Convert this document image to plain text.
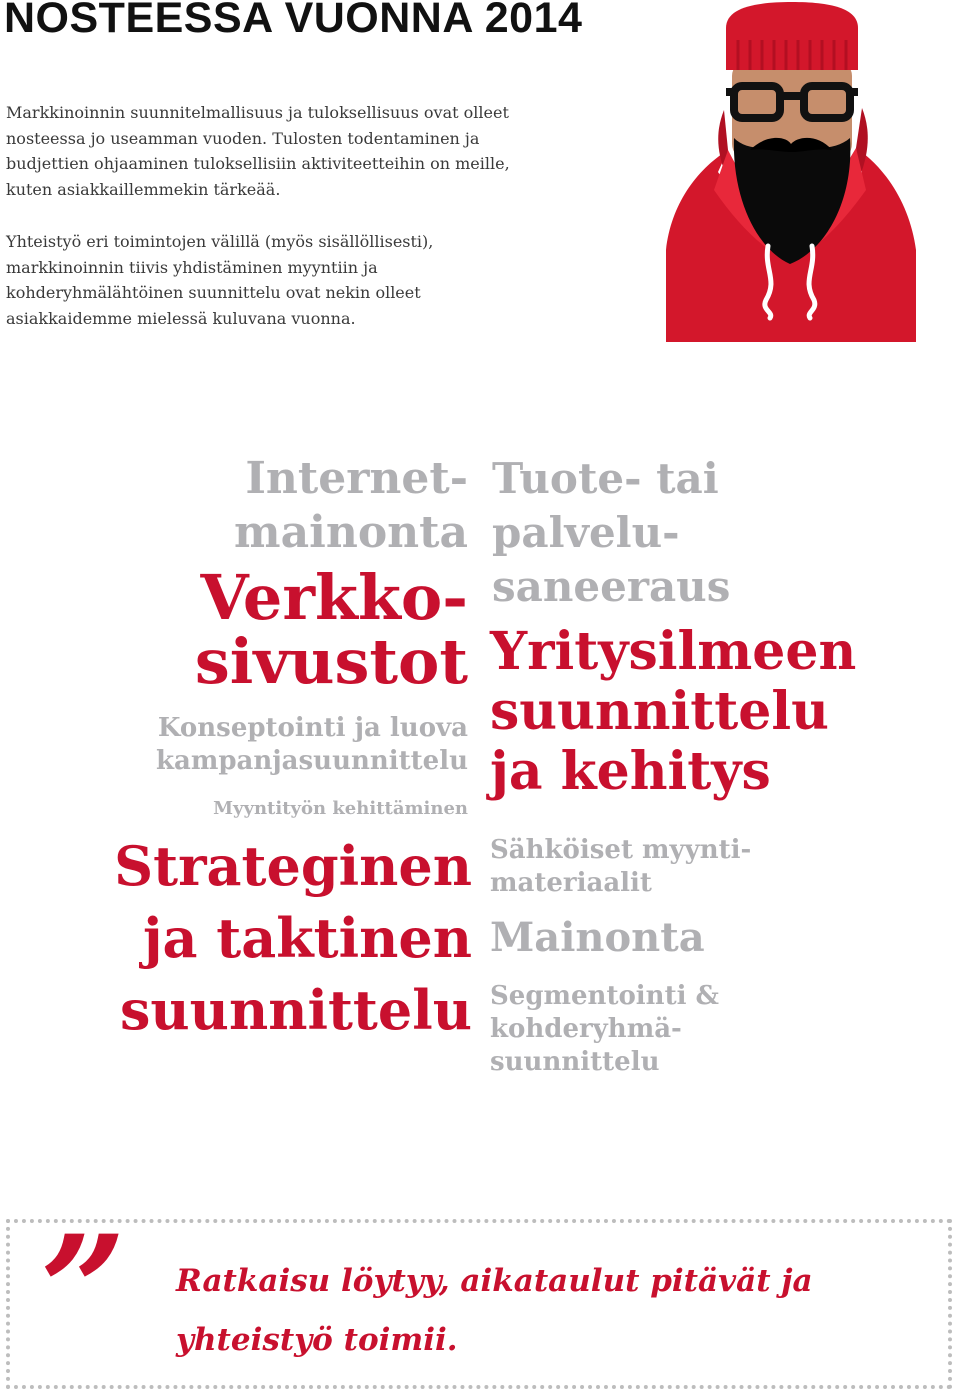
NOSTEESSA VUONNA 2014

Markkinoinnin suunnitelmallisuus ja tuloksellisuus ovat olleet nosteessa jo useamman vuoden. Tulosten todentaminen ja budjettien ohjaaminen tuloksellisiin aktiviteetteihin on meille, kuten asiakkaillemmekin tärkeää.

Yhteistyö eri toimintojen välillä (myös sisällöllisesti), markkinoinnin tiivis yhdistäminen myyntiin ja kohderyhmälähtöinen suunnittelu ovat nekin olleet asiakkaidemme mielessä kuluvana vuonna.

Internet-
mainonta

Verkko-
sivustot

Konseptointi ja luova
kampanjasuunnittelu

Myyntityön kehittäminen

Strateginen
ja taktinen
suunnittelu

Tuote- tai
palvelu-
saneeraus

Yritysilmeen
suunnittelu
ja kehitys

Sähköiset myynti-
materiaalit

Mainonta

Segmentointi &
kohderyhmä-
suunnittelu

” Ratkaisu löytyy, aikataulut pitävät ja yhteistyö toimii.
